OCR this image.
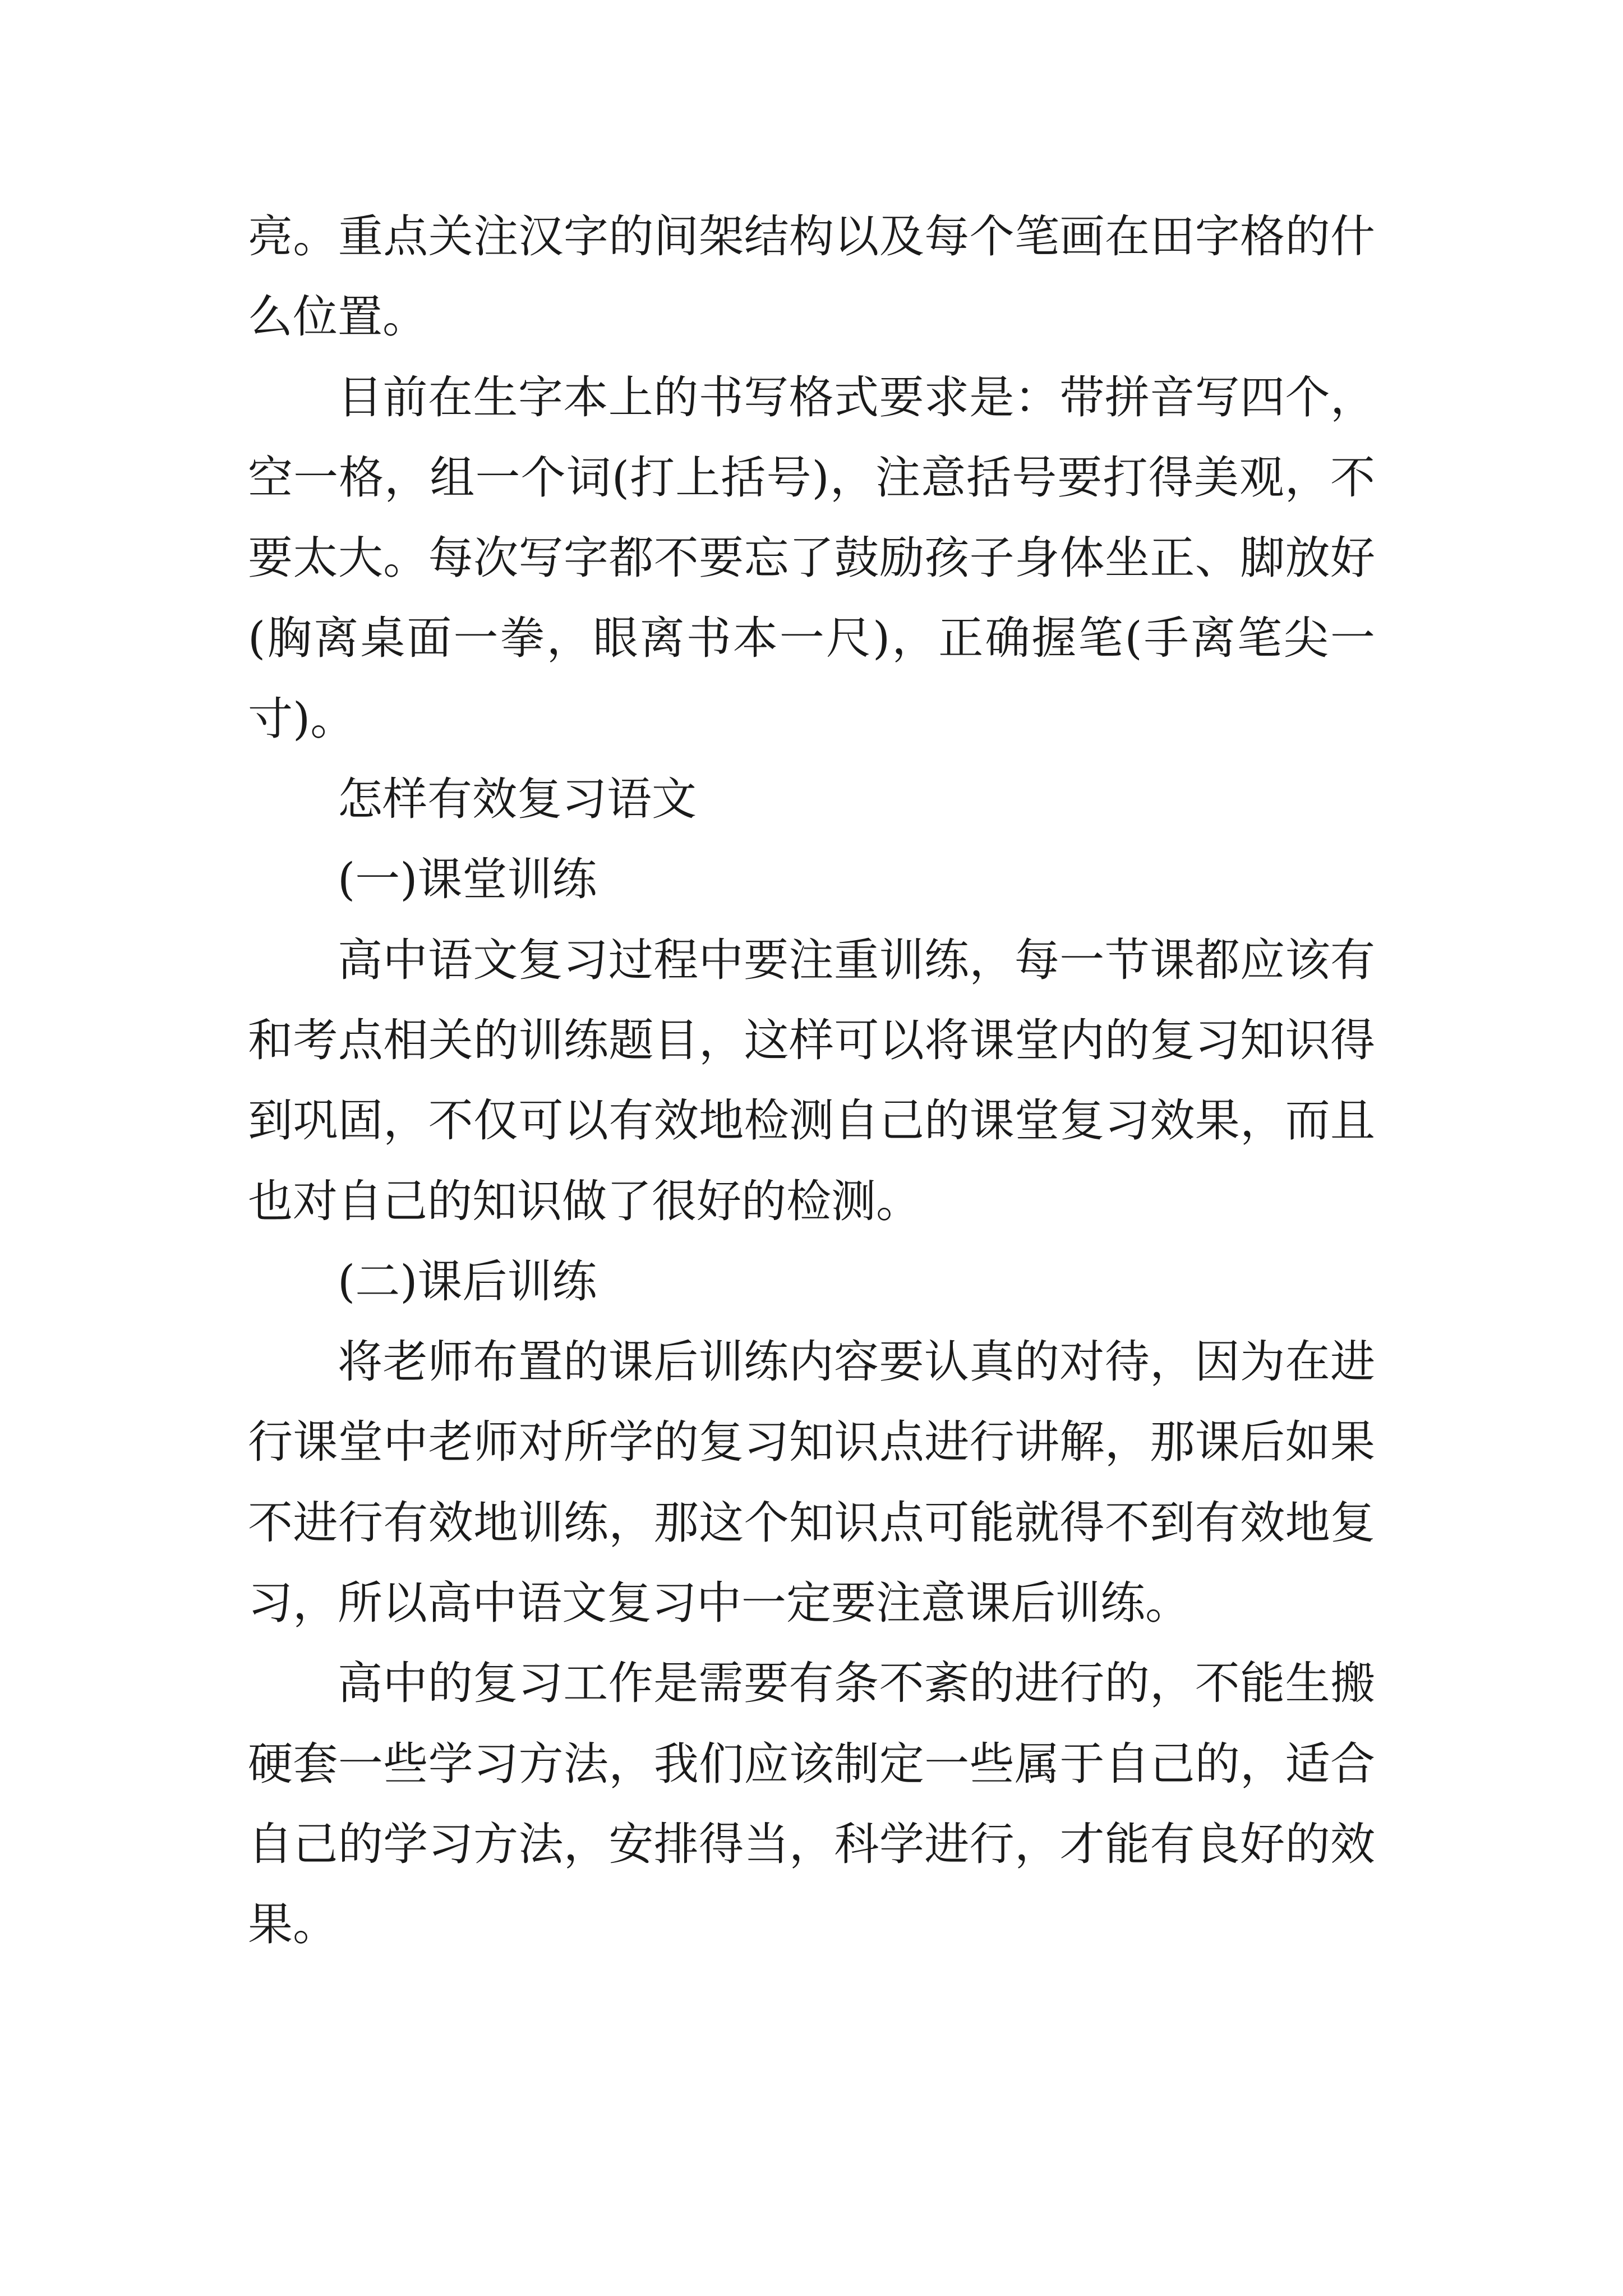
亮。重点关注汉字的间架结构以及每个笔画在田字格的什么位置。

目前在生字本上的书写格式要求是：带拼音写四个，空一格，组一个词(打上括号)，注意括号要打得美观，不要太大。每次写字都不要忘了鼓励孩子身体坐正、脚放好(胸离桌面一拳，眼离书本一尺)，正确握笔(手离笔尖一寸)。

怎样有效复习语文

(一)课堂训练

高中语文复习过程中要注重训练，每一节课都应该有和考点相关的训练题目，这样可以将课堂内的复习知识得到巩固，不仅可以有效地检测自己的课堂复习效果，而且也对自己的知识做了很好的检测。

(二)课后训练

将老师布置的课后训练内容要认真的对待，因为在进行课堂中老师对所学的复习知识点进行讲解，那课后如果不进行有效地训练，那这个知识点可能就得不到有效地复习，所以高中语文复习中一定要注意课后训练。

高中的复习工作是需要有条不紊的进行的，不能生搬硬套一些学习方法，我们应该制定一些属于自己的，适合自己的学习方法，安排得当，科学进行，才能有良好的效果。
